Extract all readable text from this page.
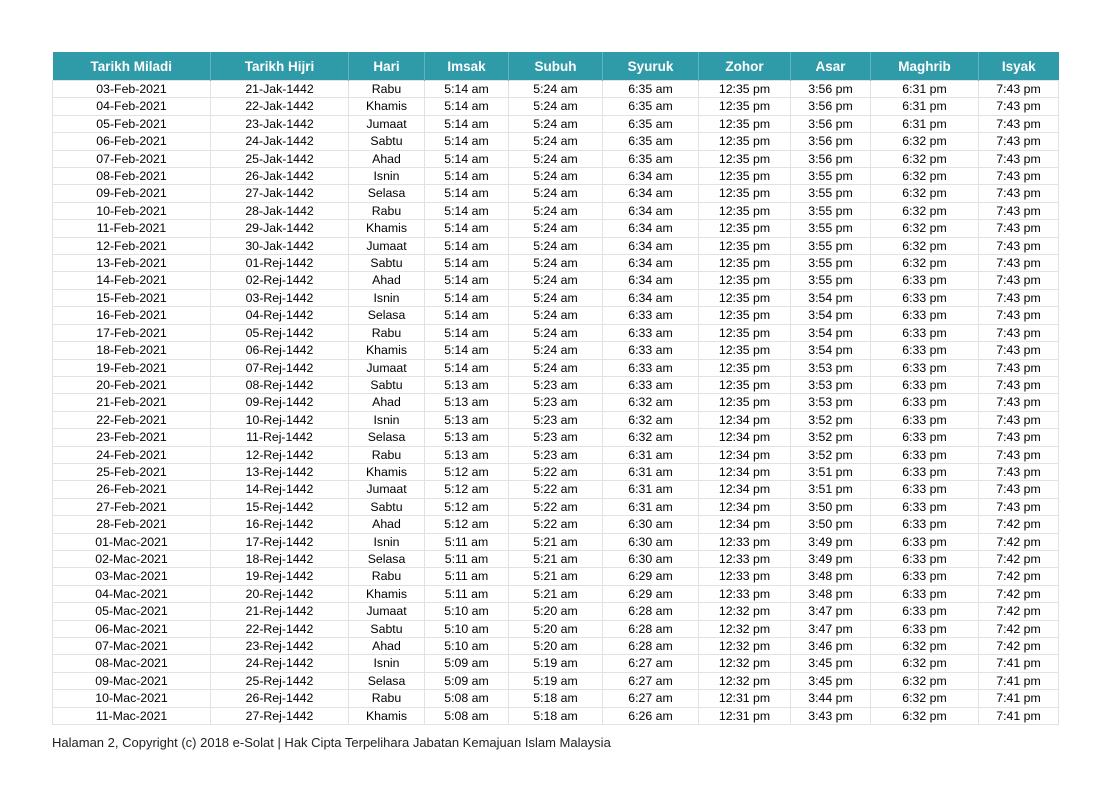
Tarikh Miladi	Tarikh Hijri	Hari	Imsak	Subuh	Syuruk	Zohor	Asar	Maghrib	Isyak
03-Feb-2021	21-Jak-1442	Rabu	5:14 am	5:24 am	6:35 am	12:35 pm	3:56 pm	6:31 pm	7:43 pm
04-Feb-2021	22-Jak-1442	Khamis	5:14 am	5:24 am	6:35 am	12:35 pm	3:56 pm	6:31 pm	7:43 pm
05-Feb-2021	23-Jak-1442	Jumaat	5:14 am	5:24 am	6:35 am	12:35 pm	3:56 pm	6:31 pm	7:43 pm
06-Feb-2021	24-Jak-1442	Sabtu	5:14 am	5:24 am	6:35 am	12:35 pm	3:56 pm	6:32 pm	7:43 pm
07-Feb-2021	25-Jak-1442	Ahad	5:14 am	5:24 am	6:35 am	12:35 pm	3:56 pm	6:32 pm	7:43 pm
08-Feb-2021	26-Jak-1442	Isnin	5:14 am	5:24 am	6:34 am	12:35 pm	3:55 pm	6:32 pm	7:43 pm
09-Feb-2021	27-Jak-1442	Selasa	5:14 am	5:24 am	6:34 am	12:35 pm	3:55 pm	6:32 pm	7:43 pm
10-Feb-2021	28-Jak-1442	Rabu	5:14 am	5:24 am	6:34 am	12:35 pm	3:55 pm	6:32 pm	7:43 pm
11-Feb-2021	29-Jak-1442	Khamis	5:14 am	5:24 am	6:34 am	12:35 pm	3:55 pm	6:32 pm	7:43 pm
12-Feb-2021	30-Jak-1442	Jumaat	5:14 am	5:24 am	6:34 am	12:35 pm	3:55 pm	6:32 pm	7:43 pm
13-Feb-2021	01-Rej-1442	Sabtu	5:14 am	5:24 am	6:34 am	12:35 pm	3:55 pm	6:32 pm	7:43 pm
14-Feb-2021	02-Rej-1442	Ahad	5:14 am	5:24 am	6:34 am	12:35 pm	3:55 pm	6:33 pm	7:43 pm
15-Feb-2021	03-Rej-1442	Isnin	5:14 am	5:24 am	6:34 am	12:35 pm	3:54 pm	6:33 pm	7:43 pm
16-Feb-2021	04-Rej-1442	Selasa	5:14 am	5:24 am	6:33 am	12:35 pm	3:54 pm	6:33 pm	7:43 pm
17-Feb-2021	05-Rej-1442	Rabu	5:14 am	5:24 am	6:33 am	12:35 pm	3:54 pm	6:33 pm	7:43 pm
18-Feb-2021	06-Rej-1442	Khamis	5:14 am	5:24 am	6:33 am	12:35 pm	3:54 pm	6:33 pm	7:43 pm
19-Feb-2021	07-Rej-1442	Jumaat	5:14 am	5:24 am	6:33 am	12:35 pm	3:53 pm	6:33 pm	7:43 pm
20-Feb-2021	08-Rej-1442	Sabtu	5:13 am	5:23 am	6:33 am	12:35 pm	3:53 pm	6:33 pm	7:43 pm
21-Feb-2021	09-Rej-1442	Ahad	5:13 am	5:23 am	6:32 am	12:35 pm	3:53 pm	6:33 pm	7:43 pm
22-Feb-2021	10-Rej-1442	Isnin	5:13 am	5:23 am	6:32 am	12:34 pm	3:52 pm	6:33 pm	7:43 pm
23-Feb-2021	11-Rej-1442	Selasa	5:13 am	5:23 am	6:32 am	12:34 pm	3:52 pm	6:33 pm	7:43 pm
24-Feb-2021	12-Rej-1442	Rabu	5:13 am	5:23 am	6:31 am	12:34 pm	3:52 pm	6:33 pm	7:43 pm
25-Feb-2021	13-Rej-1442	Khamis	5:12 am	5:22 am	6:31 am	12:34 pm	3:51 pm	6:33 pm	7:43 pm
26-Feb-2021	14-Rej-1442	Jumaat	5:12 am	5:22 am	6:31 am	12:34 pm	3:51 pm	6:33 pm	7:43 pm
27-Feb-2021	15-Rej-1442	Sabtu	5:12 am	5:22 am	6:31 am	12:34 pm	3:50 pm	6:33 pm	7:43 pm
28-Feb-2021	16-Rej-1442	Ahad	5:12 am	5:22 am	6:30 am	12:34 pm	3:50 pm	6:33 pm	7:42 pm
01-Mac-2021	17-Rej-1442	Isnin	5:11 am	5:21 am	6:30 am	12:33 pm	3:49 pm	6:33 pm	7:42 pm
02-Mac-2021	18-Rej-1442	Selasa	5:11 am	5:21 am	6:30 am	12:33 pm	3:49 pm	6:33 pm	7:42 pm
03-Mac-2021	19-Rej-1442	Rabu	5:11 am	5:21 am	6:29 am	12:33 pm	3:48 pm	6:33 pm	7:42 pm
04-Mac-2021	20-Rej-1442	Khamis	5:11 am	5:21 am	6:29 am	12:33 pm	3:48 pm	6:33 pm	7:42 pm
05-Mac-2021	21-Rej-1442	Jumaat	5:10 am	5:20 am	6:28 am	12:32 pm	3:47 pm	6:33 pm	7:42 pm
06-Mac-2021	22-Rej-1442	Sabtu	5:10 am	5:20 am	6:28 am	12:32 pm	3:47 pm	6:33 pm	7:42 pm
07-Mac-2021	23-Rej-1442	Ahad	5:10 am	5:20 am	6:28 am	12:32 pm	3:46 pm	6:32 pm	7:42 pm
08-Mac-2021	24-Rej-1442	Isnin	5:09 am	5:19 am	6:27 am	12:32 pm	3:45 pm	6:32 pm	7:41 pm
09-Mac-2021	25-Rej-1442	Selasa	5:09 am	5:19 am	6:27 am	12:32 pm	3:45 pm	6:32 pm	7:41 pm
10-Mac-2021	26-Rej-1442	Rabu	5:08 am	5:18 am	6:27 am	12:31 pm	3:44 pm	6:32 pm	7:41 pm
11-Mac-2021	27-Rej-1442	Khamis	5:08 am	5:18 am	6:26 am	12:31 pm	3:43 pm	6:32 pm	7:41 pm
Halaman 2, Copyright (c) 2018 e-Solat | Hak Cipta Terpelihara Jabatan Kemajuan Islam Malaysia
